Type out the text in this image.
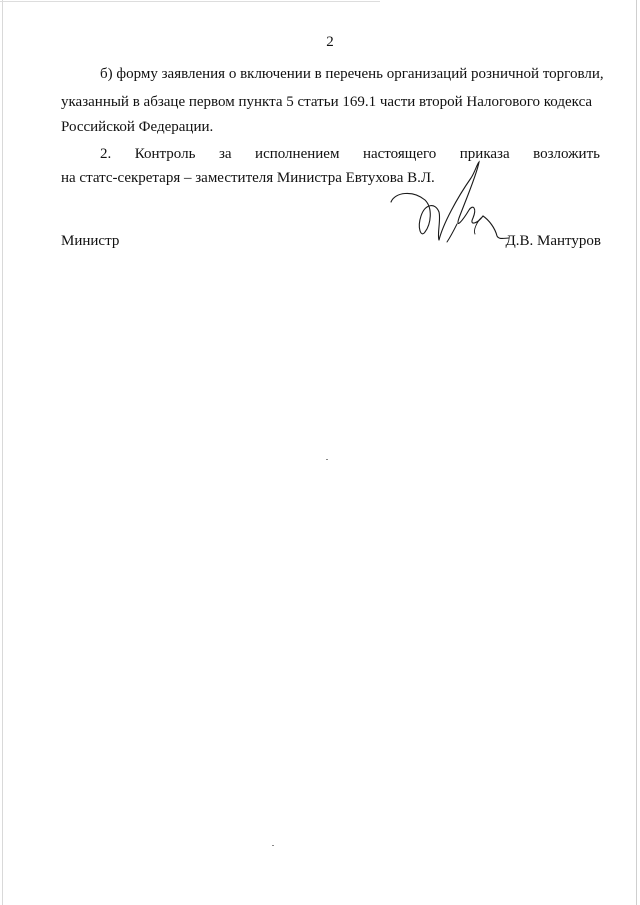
2
б) форму заявления о включении в перечень организаций розничной торговли,
указанный в абзаце первом пункта 5 статьи 169.1 части второй Налогового кодекса
Российской Федерации.
2. Контроль за исполнением настоящего приказа возложить
на статс-секретаря – заместителя Министра Евтухова В.Л.
Министр	Д.В. Мантуров
